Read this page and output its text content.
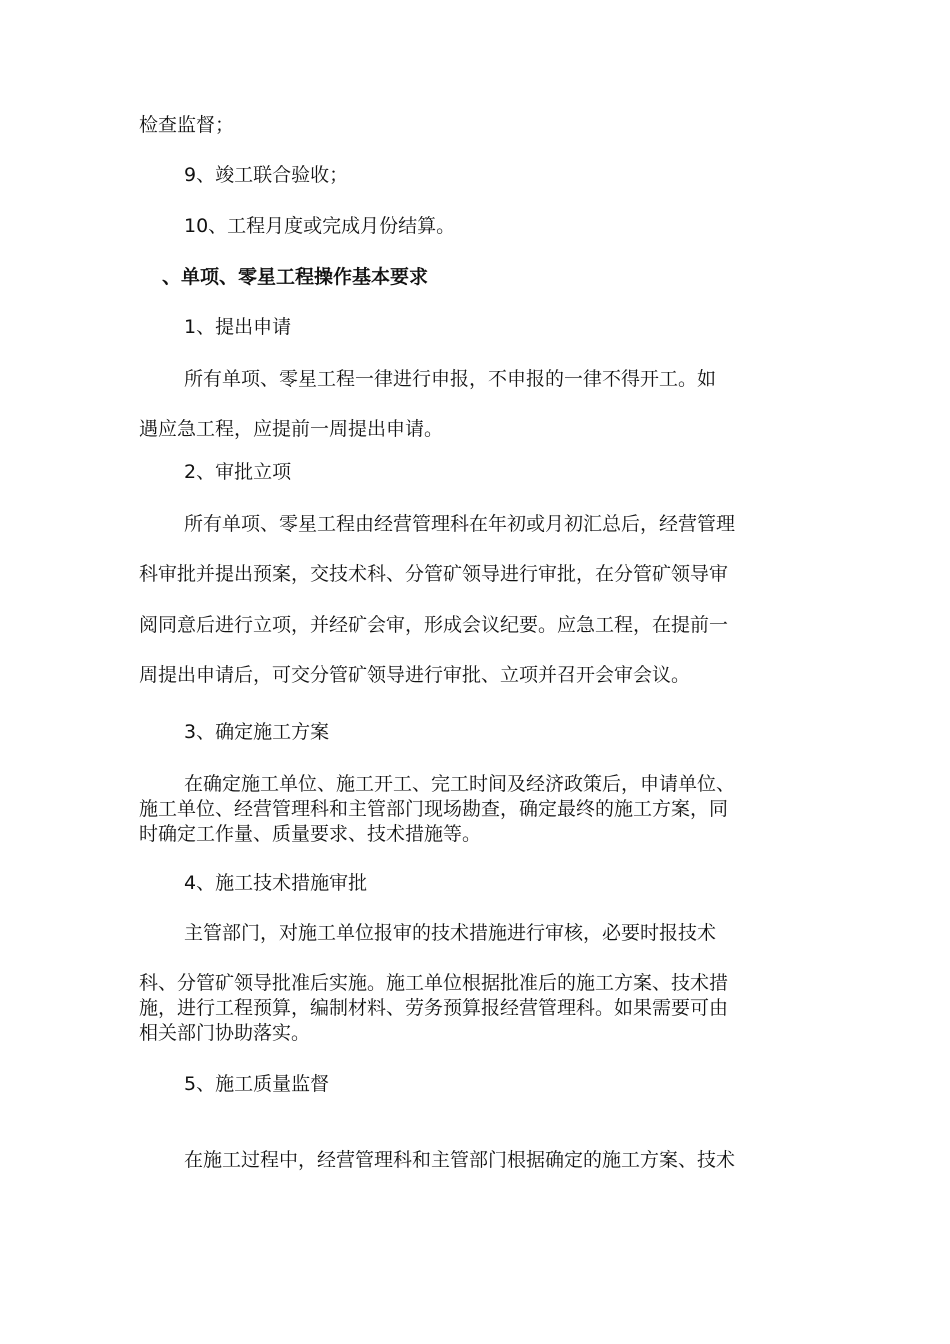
检查监督；

9、竣工联合验收；

10、工程月度或完成月份结算。

、单项、零星工程操作基本要求

1、提出申请

所有单项、零星工程一律进行申报，不申报的一律不得开工。如

遇应急工程，应提前一周提出申请。

2、审批立项

所有单项、零星工程由经营管理科在年初或月初汇总后，经营管理

科审批并提出预案，交技术科、分管矿领导进行审批，在分管矿领导审

阅同意后进行立项，并经矿会审，形成会议纪要。应急工程，在提前一

周提出申请后，可交分管矿领导进行审批、立项并召开会审会议。

3、确定施工方案

在确定施工单位、施工开工、完工时间及经济政策后，申请单位、

施工单位、经营管理科和主管部门现场勘查，确定最终的施工方案，同

时确定工作量、质量要求、技术措施等。

4、施工技术措施审批

主管部门，对施工单位报审的技术措施进行审核，必要时报技术

科、分管矿领导批准后实施。施工单位根据批准后的施工方案、技术措

施，进行工程预算，编制材料、劳务预算报经营管理科。如果需要可由

相关部门协助落实。

5、施工质量监督

在施工过程中，经营管理科和主管部门根据确定的施工方案、技术
